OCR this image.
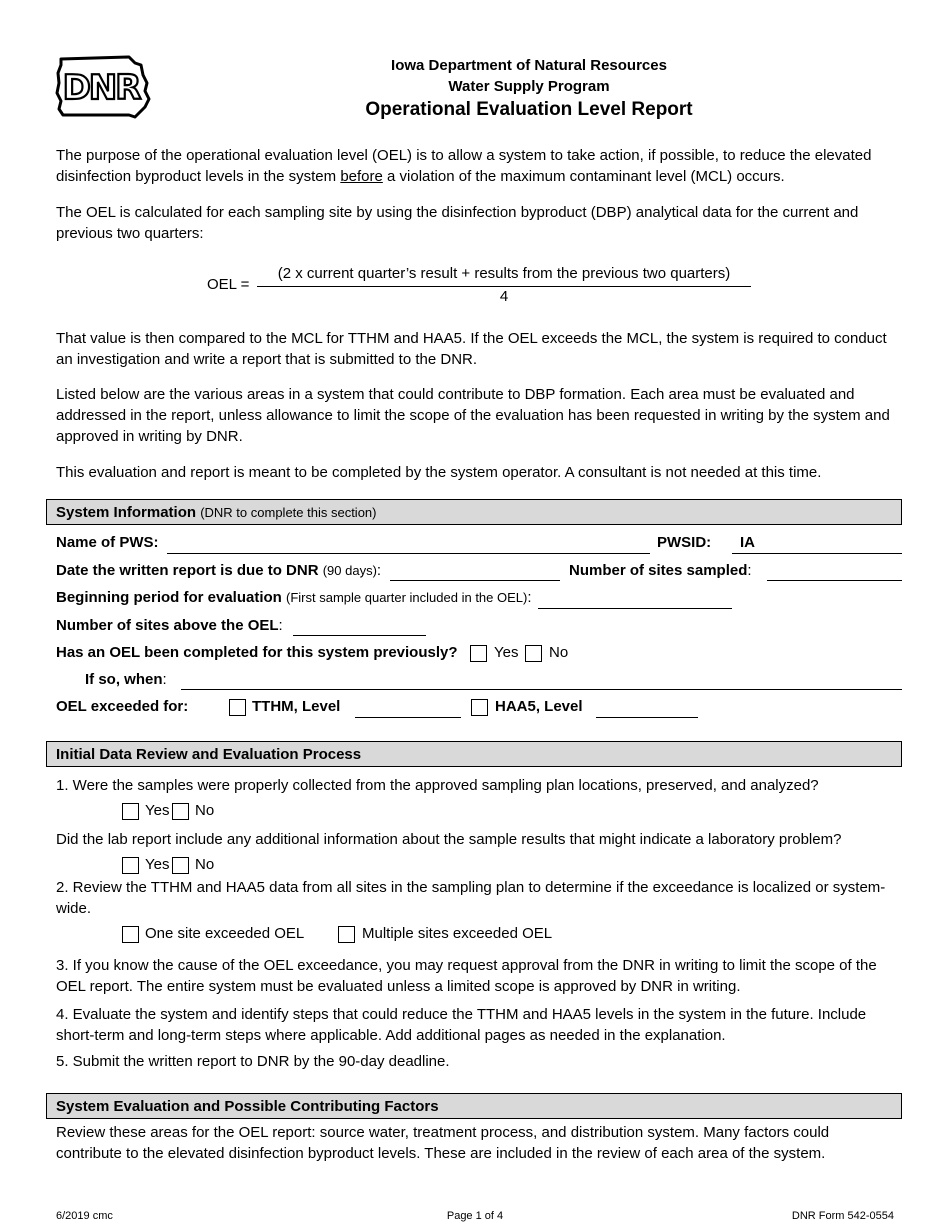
DNR
Iowa Department of Natural Resources
Water Supply Program
Operational Evaluation Level Report
The purpose of the operational evaluation level (OEL) is to allow a system to take action, if possible, to reduce the elevated disinfection byproduct levels in the system before a violation of the maximum contaminant level (MCL) occurs.
The OEL is calculated for each sampling site by using the disinfection byproduct (DBP) analytical data for the current and previous two quarters:
OEL =
(2 x current quarter’s result + results from the previous two quarters)
4
That value is then compared to the MCL for TTHM and HAA5. If the OEL exceeds the MCL, the system is required to conduct an investigation and write a report that is submitted to the DNR.
Listed below are the various areas in a system that could contribute to DBP formation. Each area must be evaluated and addressed in the report, unless allowance to limit the scope of the evaluation has been requested in writing by the system and approved in writing by DNR.
This evaluation and report is meant to be completed by the system operator. A consultant is not needed at this time.
System Information (DNR to complete this section)
Name of PWS:	PWSID: IA
Date the written report is due to DNR (90 days):	Number of sites sampled:
Beginning period for evaluation (First sample quarter included in the OEL):
Number of sites above the OEL:
Has an OEL been completed for this system previously? Yes No
If so, when:
OEL exceeded for:	TTHM, Level	HAA5, Level
Initial Data Review and Evaluation Process
1. Were the samples were properly collected from the approved sampling plan locations, preserved, and analyzed?
Yes No
Did the lab report include any additional information about the sample results that might indicate a laboratory problem?
Yes No
2. Review the TTHM and HAA5 data from all sites in the sampling plan to determine if the exceedance is localized or system-wide.
One site exceeded OEL	Multiple sites exceeded OEL
3. If you know the cause of the OEL exceedance, you may request approval from the DNR in writing to limit the scope of the OEL report. The entire system must be evaluated unless a limited scope is approved by DNR in writing.
4. Evaluate the system and identify steps that could reduce the TTHM and HAA5 levels in the system in the future. Include short-term and long-term steps where applicable. Add additional pages as needed in the explanation.
5. Submit the written report to DNR by the 90-day deadline.
System Evaluation and Possible Contributing Factors
Review these areas for the OEL report: source water, treatment process, and distribution system. Many factors could contribute to the elevated disinfection byproduct levels. These are included in the review of each area of the system.
6/2019 cmc	Page 1 of 4	DNR Form 542-0554
